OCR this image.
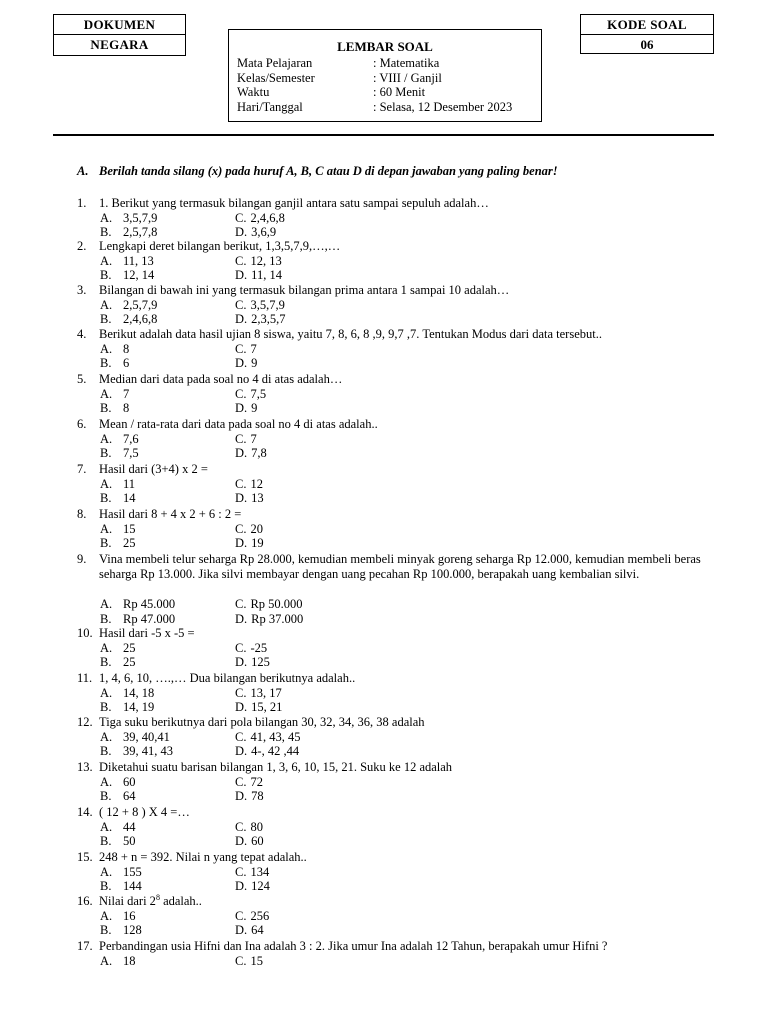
DOKUMEN
NEGARA	LEMBAR SOAL
Mata Pelajaran	: Matematika
Kelas/Semester	: VIII / Ganjil
Waktu	: 60 Menit
Hari/Tanggal	: Selasa, 12 Desember 2023
KODE SOAL
06
A. Berilah tanda silang (x) pada huruf A, B, C atau D di depan jawaban yang paling benar!
1. 1. Berikut yang termasuk bilangan ganjil antara satu sampai sepuluh adalah…
A. 3,5,7,9
B. 2,5,7,8
C. 2,4,6,8
D. 3,6,9
2. Lengkapi deret bilangan berikut, 1,3,5,7,9,…,…
A. 11, 13
B. 12, 14
C. 12, 13
D. 11, 14
3. Bilangan di bawah ini yang termasuk bilangan prima antara 1 sampai 10 adalah…
A. 2,5,7,9
B. 2,4,6,8
C. 3,5,7,9
D. 2,3,5,7
4. Berikut adalah data hasil ujian 8 siswa, yaitu 7, 8, 6, 8 ,9, 9,7 ,7. Tentukan Modus dari data tersebut..
A. 8
B. 6
C. 7
D. 9
5. Median dari data pada soal no 4 di atas adalah…
A. 7
B. 8
C. 7,5
D. 9
6. Mean / rata-rata dari data pada soal no 4 di atas adalah..
A. 7,6
B. 7,5
C. 7
D. 7,8
7. Hasil dari (3+4) x 2 =
A. 11
B. 14
C. 12
D. 13
8. Hasil dari 8 + 4 x 2 + 6 : 2 =
A. 15
B. 25
C. 20
D. 19
9. Vina membeli telur seharga Rp 28.000, kemudian membeli minyak goreng seharga Rp 12.000, kemudian membeli beras seharga Rp 13.000. Jika silvi membayar dengan uang pecahan Rp 100.000, berapakah uang kembalian silvi.
A. Rp 45.000
B. Rp 47.000
C. Rp 50.000
D. Rp 37.000
10. Hasil dari -5 x -5 =
A. 25
B. 25
C. -25
D. 125
11. 1, 4, 6, 10, ….,… Dua bilangan berikutnya adalah..
A. 14, 18
B. 14, 19
C. 13, 17
D. 15, 21
12. Tiga suku berikutnya dari pola bilangan 30, 32, 34, 36, 38 adalah
A. 39, 40,41
B. 39, 41, 43
C. 41, 43, 45
D. 4-, 42 ,44
13. Diketahui suatu barisan bilangan 1, 3, 6, 10, 15, 21. Suku ke 12 adalah
A. 60
B. 64
C. 72
D. 78
14. ( 12 + 8 ) X 4 =…
A. 44
B. 50
C. 80
D. 60
15. 248 + n = 392. Nilai n yang tepat adalah..
A. 155
B. 144
C. 134
D. 124
16. Nilai dari $2^8$ adalah..
A. 16
B. 128
C. 256
D. 64
17. Perbandingan usia Hifni dan Ina adalah 3 : 2. Jika umur Ina adalah 12 Tahun, berapakah umur Hifni ?
A. 18	C. 15
